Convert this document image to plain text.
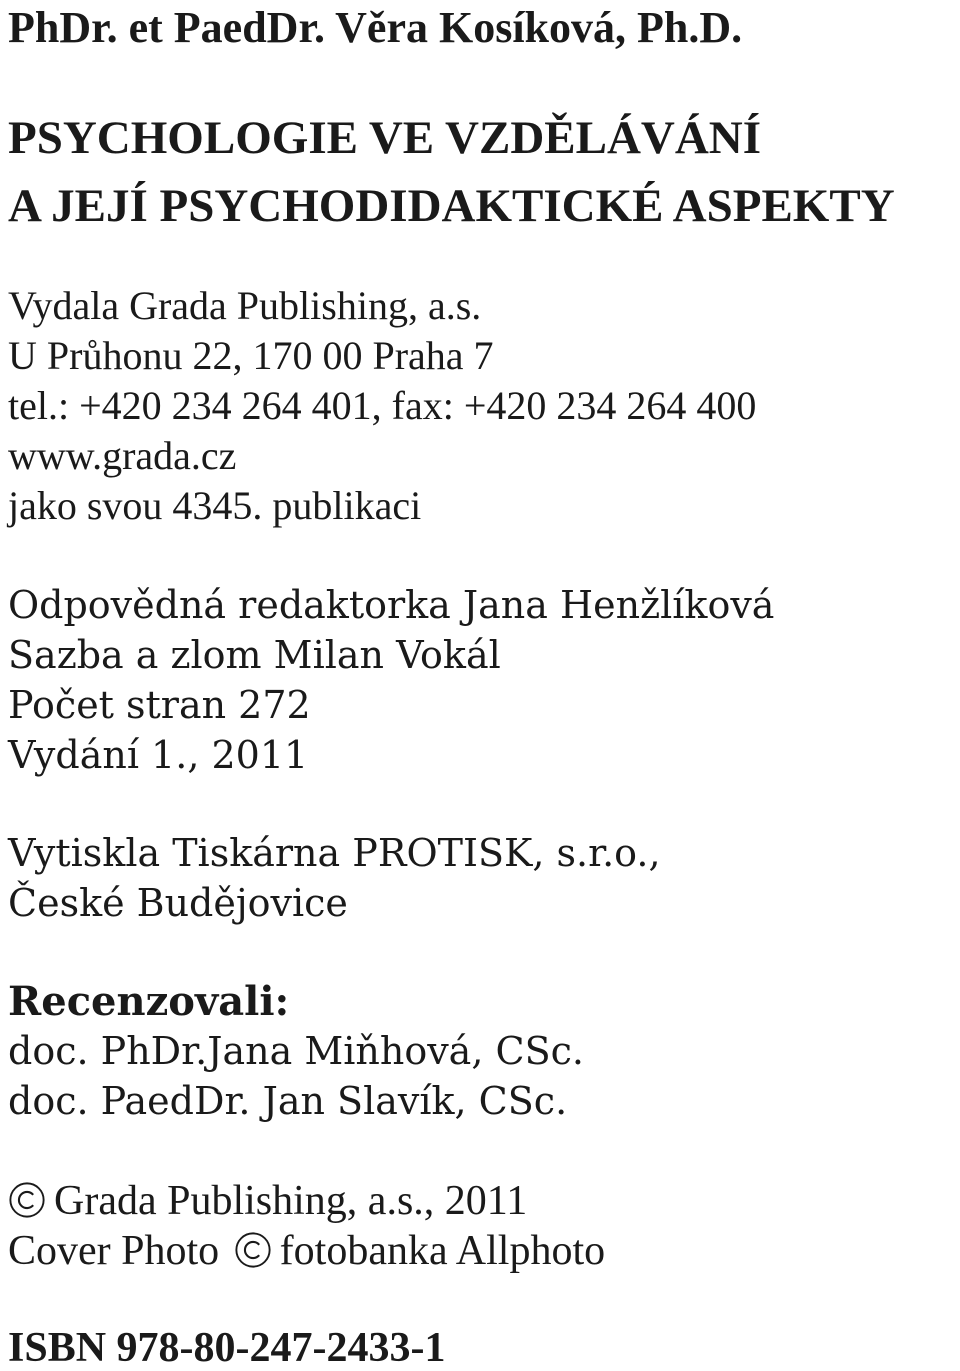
PhDr. et PaedDr. Věra Kosíková, Ph.D.
PSYCHOLOGIE VE VZDĚLÁVÁNÍ
A JEJÍ PSYCHODIDAKTICKÉ ASPEKTY
Vydala Grada Publishing, a.s.
U Průhonu 22, 170 00 Praha 7
tel.: +420 234 264 401, fax: +420 234 264 400
www.grada.cz
jako svou 4345. publikaci
Odpovědná redaktorka Jana Henžlíková
Sazba a zlom Milan Vokál
Počet stran 272
Vydání 1., 2011
Vytiskla Tiskárna PROTISK, s.r.o.,
České Budějovice
Recenzovali:
doc. PhDr.Jana Miňhová, CSc.
doc. PaedDr. Jan Slavík, CSc.
Grada Publishing, a.s., 2011
Cover Photo fotobanka Allphoto
ISBN 978-80-247-2433-1
